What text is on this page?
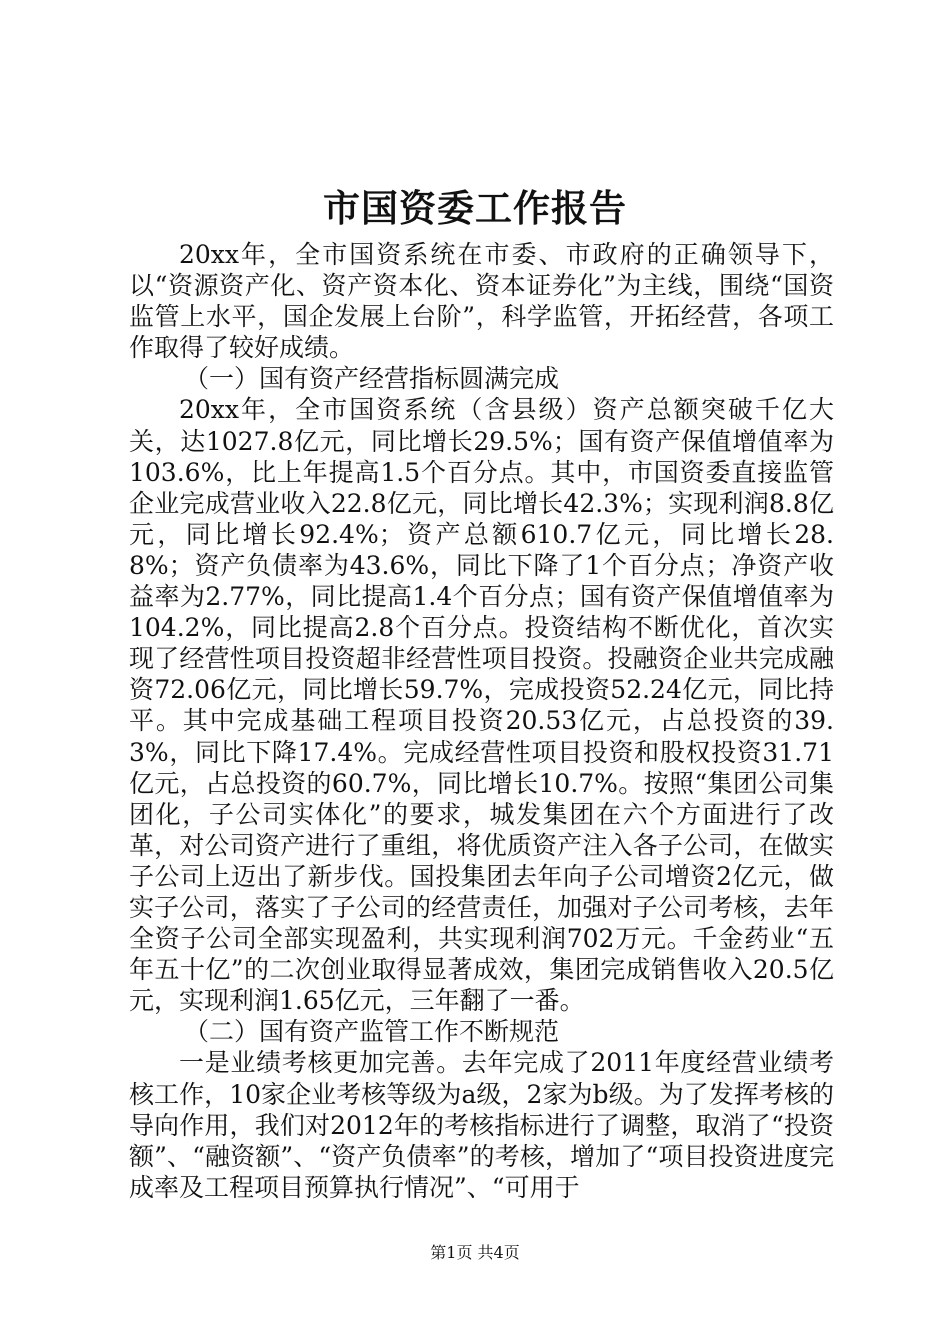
市国资委工作报告

20xx年，全市国资系统在市委、市政府的正确领导下，以“资源资产化、资产资本化、资本证券化”为主线，围绕“国资监管上水平，国企发展上台阶”，科学监管，开拓经营，各项工作取得了较好成绩。

（一）国有资产经营指标圆满完成

20xx年，全市国资系统（含县级）资产总额突破千亿大关，达1027.8亿元，同比增长29.5%；国有资产保值增值率为103.6%，比上年提高1.5个百分点。其中，市国资委直接监管企业完成营业收入22.8亿元，同比增长42.3%；实现利润8.8亿元，同比增长92.4%；资产总额610.7亿元，同比增长28.8%；资产负债率为43.6%，同比下降了1个百分点；净资产收益率为2.77%，同比提高1.4个百分点；国有资产保值增值率为104.2%，同比提高2.8个百分点。投资结构不断优化，首次实现了经营性项目投资超非经营性项目投资。投融资企业共完成融资72.06亿元，同比增长59.7%，完成投资52.24亿元，同比持平。其中完成基础工程项目投资20.53亿元，占总投资的39.3%，同比下降17.4%。完成经营性项目投资和股权投资31.71亿元，占总投资的60.7%，同比增长10.7%。按照“集团公司集团化，子公司实体化”的要求，城发集团在六个方面进行了改革，对公司资产进行了重组，将优质资产注入各子公司，在做实子公司上迈出了新步伐。国投集团去年向子公司增资2亿元，做实子公司，落实了子公司的经营责任，加强对子公司考核，去年全资子公司全部实现盈利，共实现利润702万元。千金药业“五年五十亿”的二次创业取得显著成效，集团完成销售收入20.5亿元，实现利润1.65亿元，三年翻了一番。

（二）国有资产监管工作不断规范

一是业绩考核更加完善。去年完成了2011年度经营业绩考核工作，10家企业考核等级为a级，2家为b级。为了发挥考核的导向作用，我们对2012年的考核指标进行了调整，取消了“投资额”、“融资额”、“资产负债率”的考核，增加了“项目投资进度完成率及工程项目预算执行情况”、“可用于

第1页 共4页
